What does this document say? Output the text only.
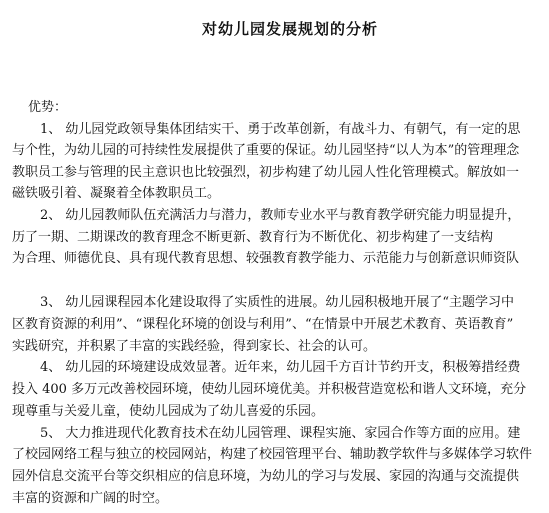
对幼儿园发展规划的分析
优势：
1、 幼儿园党政领导集体团结实干、勇于改革创新，有战斗力、有朝气，有一定的思
与个性，为幼儿园的可持续性发展提供了重要的保证。幼儿园坚持“以人为本”的管理理念
教职员工参与管理的民主意识也比较强烈，初步构建了幼儿园人性化管理模式。解放如一
磁铁吸引着、凝聚着全体教职员工。
2、 幼儿园教师队伍充满活力与潜力，教师专业水平与教育教学研究能力明显提升，
历了一期、二期课改的教育理念不断更新、教育行为不断优化、初步构建了一支结构
为合理、师德优良、具有现代教育思想、较强教育教学能力、示范能力与创新意识师资队
3、 幼儿园课程园本化建设取得了实质性的进展。幼儿园积极地开展了“主题学习中
区教育资源的利用”、“课程化环境的创设与利用”、“在情景中开展艺术教育、英语教育”
实践研究，并积累了丰富的实践经验，得到家长、社会的认可。
4、 幼儿园的环境建设成效显著。近年来，幼儿园千方百计节约开支，积极筹措经费
投入 400 多万元改善校园环境，使幼儿园环境优美。并积极营造宽松和谐人文环境，充分
现尊重与关爱儿童，使幼儿园成为了幼儿喜爱的乐园。
5、 大力推进现代化教育技术在幼儿园管理、课程实施、家园合作等方面的应用。建
了校园网络工程与独立的校园网站，构建了校园管理平台、辅助教学软件与多媒体学习软件
园外信息交流平台等交织相应的信息环境，为幼儿的学习与发展、家园的沟通与交流提供
丰富的资源和广阔的时空。
